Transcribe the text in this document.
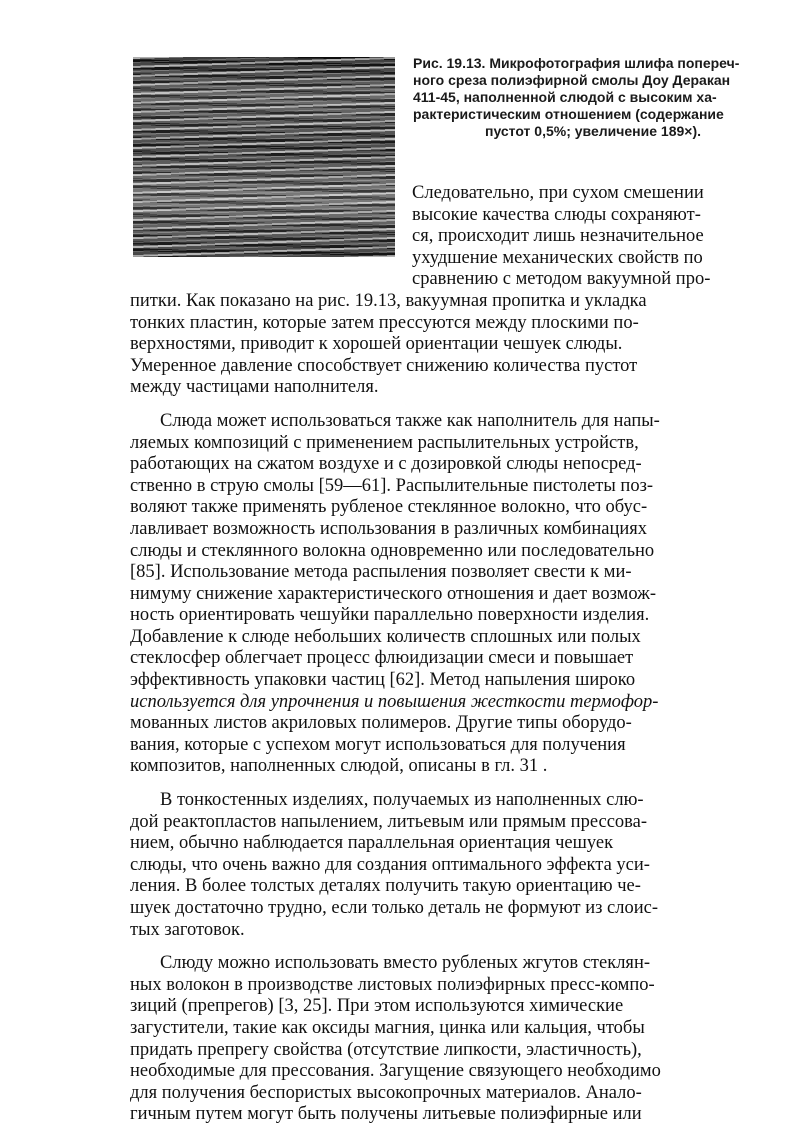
Рис. 19.13. Микрофотография шлифа попереч-
ного среза полиэфирной смолы Доу Деракан
411-45, наполненной слюдой с высоким ха-
рактеристическим отношением (содержание
пустот 0,5%; увеличение 189×).
Следовательно, при сухом смешении
высокие качества слюды сохраняют-
ся, происходит лишь незначительное
ухудшение механических свойств по
сравнению с методом вакуумной про-
питки. Как показано на рис. 19.13, вакуумная пропитка и укладка
тонких пластин, которые затем прессуются между плоскими по-
верхностями, приводит к хорошей ориентации чешуек слюды.
Умеренное давление способствует снижению количества пустот
между частицами наполнителя.
Слюда может использоваться также как наполнитель для напы-
ляемых композиций с применением распылительных устройств,
работающих на сжатом воздухе и с дозировкой слюды непосред-
ственно в струю смолы [59—61]. Распылительные пистолеты поз-
воляют также применять рубленое стеклянное волокно, что обус-
лавливает возможность использования в различных комбинациях
слюды и стеклянного волокна одновременно или последовательно
[85]. Использование метода распыления позволяет свести к ми-
нимуму снижение характеристического отношения и дает возмож-
ность ориентировать чешуйки параллельно поверхности изделия.
Добавление к слюде небольших количеств сплошных или полых
стеклосфер облегчает процесс флюидизации смеси и повышает
эффективность упаковки частиц [62]. Метод напыления широко
используется для упрочнения и повышения жесткости термофор-
мованных листов акриловых полимеров. Другие типы оборудо-
вания, которые с успехом могут использоваться для получения
композитов, наполненных слюдой, описаны в гл. 31 .
В тонкостенных изделиях, получаемых из наполненных слю-
дой реактопластов напылением, литьевым или прямым прессова-
нием, обычно наблюдается параллельная ориентация чешуек
слюды, что очень важно для создания оптимального эффекта уси-
ления. В более толстых деталях получить такую ориентацию че-
шуек достаточно трудно, если только деталь не формуют из слоис-
тых заготовок.
Слюду можно использовать вместо рубленых жгутов стеклян-
ных волокон в производстве листовых полиэфирных пресс-компо-
зиций (препрегов) [3, 25]. При этом используются химические
загустители, такие как оксиды магния, цинка или кальция, чтобы
придать препрегу свойства (отсутствие липкости, эластичность),
необходимые для прессования. Загущение связующего необходимо
для получения беспористых высокопрочных материалов. Анало-
гичным путем могут быть получены литьевые полиэфирные или
